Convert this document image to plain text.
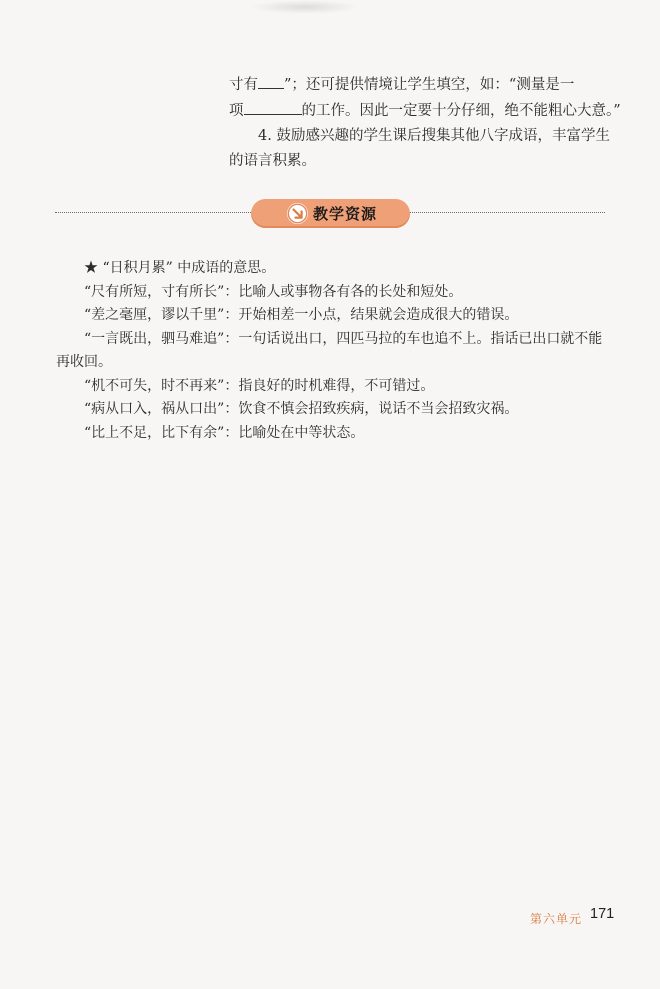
寸有 ”；还可提供情境让学生填空，如：“测量是一
项	的工作。因此一定要十分仔细，绝不能粗心大意。”
4. 鼓励感兴趣的学生课后搜集其他八字成语，丰富学生
的语言积累。
教学资源
★ “日积月累” 中成语的意思。
“尺有所短，寸有所长”：比喻人或事物各有各的长处和短处。
“差之毫厘，谬以千里”：开始相差一小点，结果就会造成很大的错误。
“一言既出，驷马难追”：一句话说出口，四匹马拉的车也追不上。指话已出口就不能
再收回。
“机不可失，时不再来”：指良好的时机难得，不可错过。
“病从口入，祸从口出”：饮食不慎会招致疾病，说话不当会招致灾祸。
“比上不足，比下有余”：比喻处在中等状态。
第六单元 171
